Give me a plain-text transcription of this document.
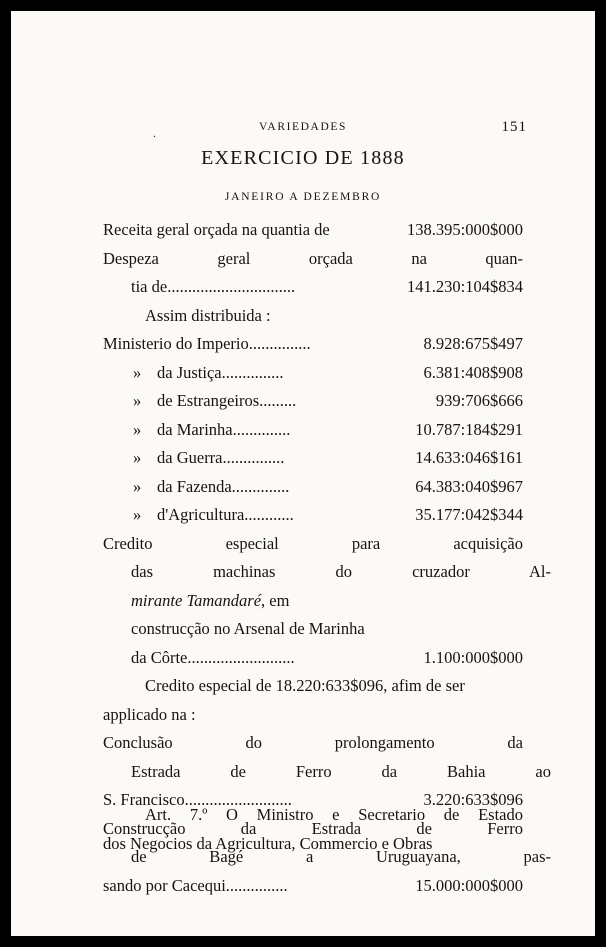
.	VARIEDADES	151
EXERCICIO DE 1888
JANEIRO A DEZEMBRO
Receita geral orçada na quantia de	138.395:000$000
Despeza geral orçada na quan-
tia de...............................	141.230:104$834
Assim distribuida :
Ministerio do Imperio...............	8.928:675$497
» da Justiça...............	6.381:408$908
» de Estrangeiros.........	939:706$666
» da Marinha..............	10.787:184$291
» da Guerra...............	14.633:046$161
» da Fazenda..............	64.383:040$967
» d'Agricultura............	35.177:042$344
Credito especial para acquisição
das machinas do cruzador Al-
mirante Tamandaré, em
construcção no Arsenal de Marinha
da Côrte..........................	1.100:000$000
Credito especial de 18.220:633$096, afim de ser
applicado na :
Conclusão do prolongamento da
Estrada de Ferro da Bahia ao
S. Francisco..........................	3.220:633$096
Construcção da Estrada de Ferro
de Bagé a Uruguayana, pas-
sando por Cacequi...............	15.000:000$000
Art. 7.º O Ministro e Secretario de Estado
dos Negocios da Agricultura, Commercio e Obras
